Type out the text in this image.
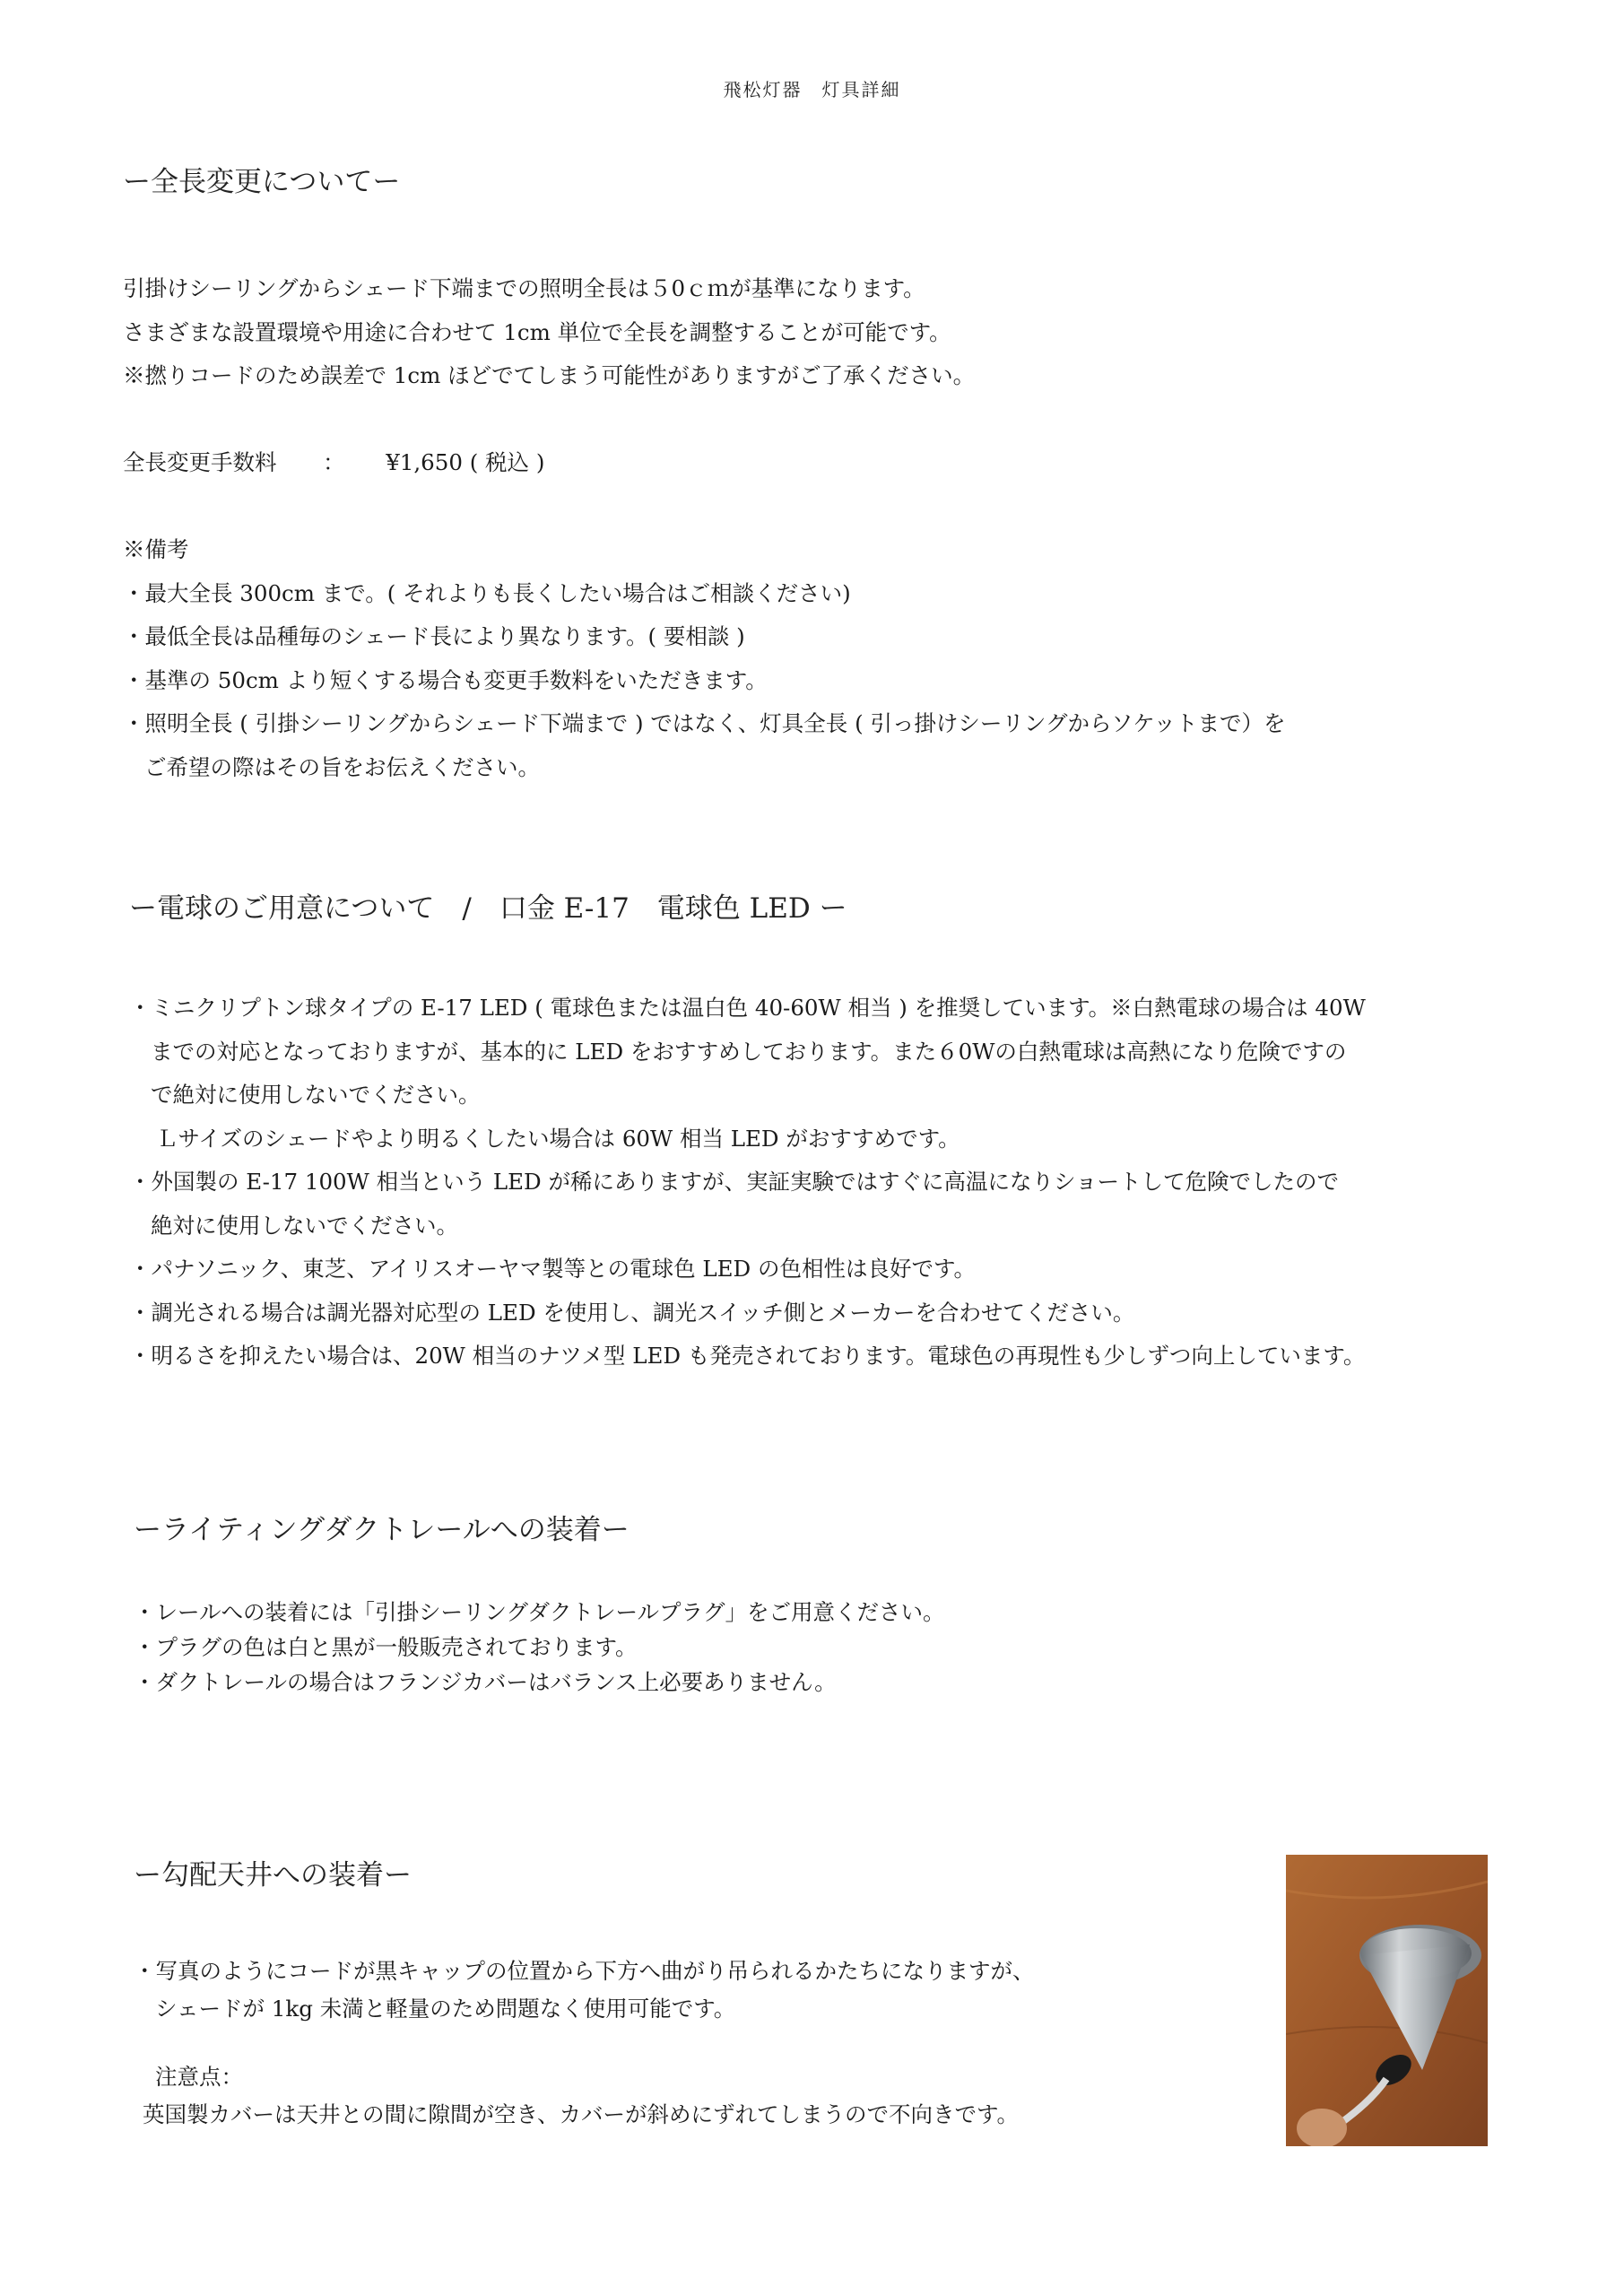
飛松灯器　灯具詳細
ー全長変更についてー

引掛けシーリングからシェード下端までの照明全長は５0ｃｍが基準になります。

さまざまな設置環境や用途に合わせて 1cm 単位で全長を調整することが可能です。

※撚りコードのため誤差で 1cm ほどでてしまう可能性がありますがご了承ください。

全長変更手数料 ： ¥1,650 ( 税込 )

※備考

・最大全長 300cm まで。( それよりも長くしたい場合はご相談ください)

・最低全長は品種毎のシェード長により異なります。( 要相談 )

・基準の 50cm より短くする場合も変更手数料をいただきます。

・照明全長 ( 引掛シーリングからシェード下端まで ) ではなく、灯具全長 ( 引っ掛けシーリングからソケットまで）を

ご希望の際はその旨をお伝えください。

ー電球のご用意について　/　口金 E-17　電球色 LED ー

・ミニクリプトン球タイプの E-17 LED ( 電球色または温白色 40-60W 相当 ) を推奨しています。※白熱電球の場合は 40W

までの対応となっておりますが、基本的に LED をおすすめしております。また６0Wの白熱電球は高熱になり危険ですの

で絶対に使用しないでください。

Ｌサイズのシェードやより明るくしたい場合は 60W 相当 LED がおすすめです。

・外国製の E-17 100W 相当という LED が稀にありますが、実証実験ではすぐに高温になりショートして危険でしたので

絶対に使用しないでください。

・パナソニック、東芝、アイリスオーヤマ製等との電球色 LED の色相性は良好です。

・調光される場合は調光器対応型の LED を使用し、調光スイッチ側とメーカーを合わせてください。

・明るさを抑えたい場合は、20W 相当のナツメ型 LED も発売されております。電球色の再現性も少しずつ向上しています。

ーライティングダクトレールへの装着ー

・レールへの装着には「引掛シーリングダクトレールプラグ」をご用意ください。

・プラグの色は白と黒が一般販売されております。

・ダクトレールの場合はフランジカバーはバランス上必要ありません。

ー勾配天井への装着ー

・写真のようにコードが黒キャップの位置から下方へ曲がり吊られるかたちになりますが、

シェードが 1kg 未満と軽量のため問題なく使用可能です。

注意点：

英国製カバーは天井との間に隙間が空き、カバーが斜めにずれてしまうので不向きです。
